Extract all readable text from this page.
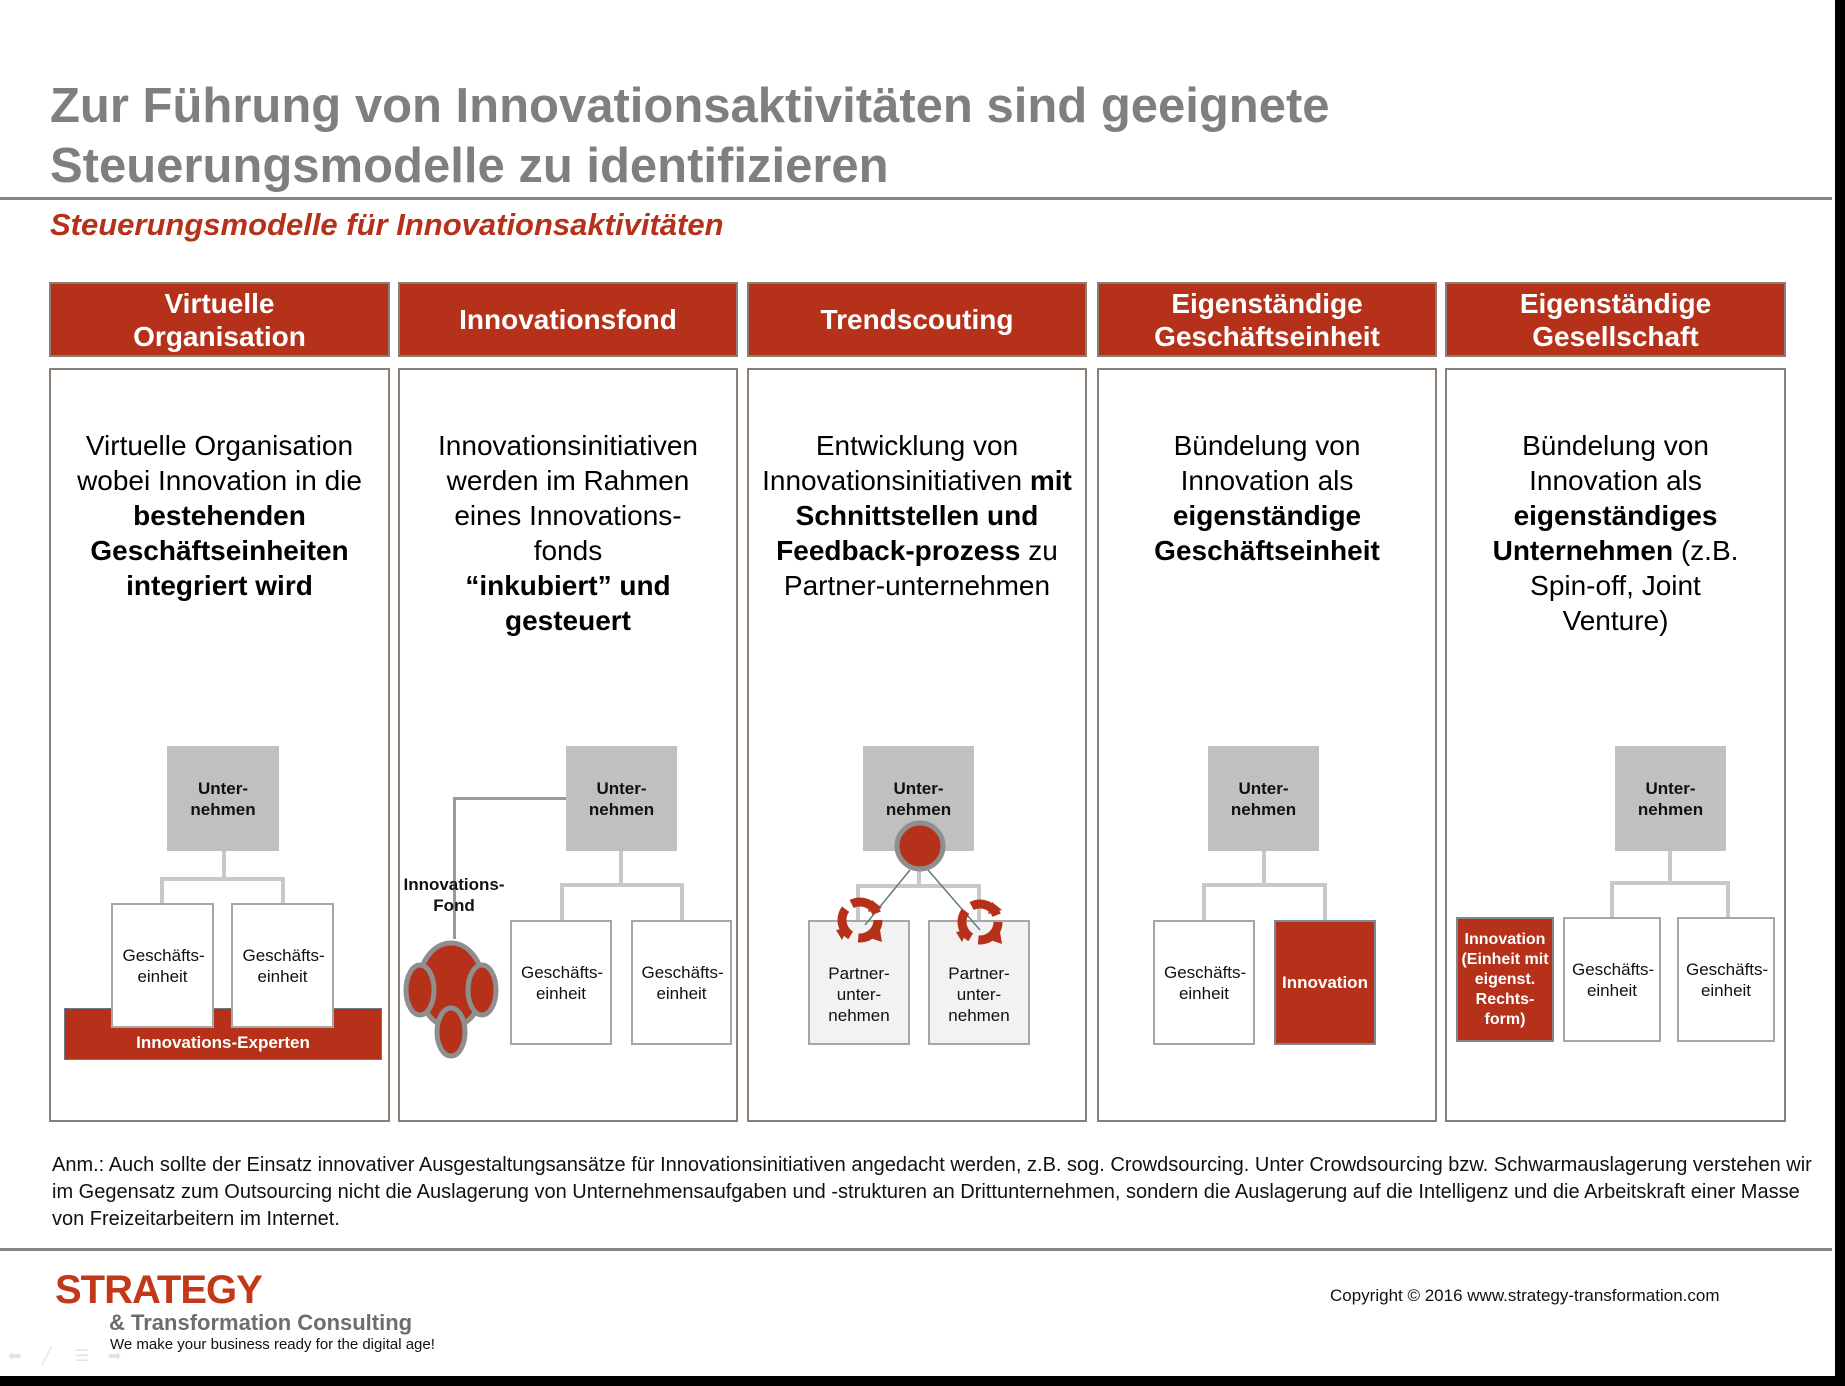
Zur Führung von Innovationsaktivitäten sind geeignete
Steuerungsmodelle zu identifizieren
Steuerungsmodelle für Innovationsaktivitäten
Virtuelle Organisation
Virtuelle Organisation wobei Innovation in die bestehenden Geschäftseinheiten integriert wird
Unter-nehmen
Innovations-Experten
Geschäfts-einheit
Geschäfts-einheit
Innovationsfond
Innovationsinitiativen werden im Rahmen eines Innovations-fonds “inkubiert” und gesteuert
Unter-nehmen
Innovations-Fond
Geschäfts-einheit
Geschäfts-einheit
Trendscouting
Entwicklung von Innovationsinitiativen mit Schnittstellen und Feedback-prozess zu Partner-unternehmen
Unter-nehmen
Partner-unter-nehmen
Partner-unter-nehmen
Eigenständige Geschäftseinheit
Bündelung von Innovation als eigenständige Geschäftseinheit
Unter-nehmen
Geschäfts-einheit
Innovation
Eigenständige Gesellschaft
Bündelung von Innovation als eigenständiges Unternehmen (z.B. Spin-off, Joint Venture)
Unter-nehmen
Innovation (Einheit mit eigenst. Rechts-form)
Geschäfts-einheit
Geschäfts-einheit
Anm.: Auch sollte der Einsatz innovativer Ausgestaltungsansätze für Innovationsinitiativen angedacht werden, z.B. sog. Crowdsourcing. Unter Crowdsourcing bzw. Schwarmauslagerung verstehen wir im Gegensatz zum Outsourcing nicht die Auslagerung von Unternehmensaufgaben und -strukturen an Drittunternehmen, sondern die Auslagerung auf die Intelligenz und die Arbeitskraft einer Masse von Freizeitarbeitern im Internet.
STRATEGY
& Transformation Consulting
We make your business ready for the digital age!
Copyright © 2016 www.strategy-transformation.com
⬅ ╱ ☰ ➡
